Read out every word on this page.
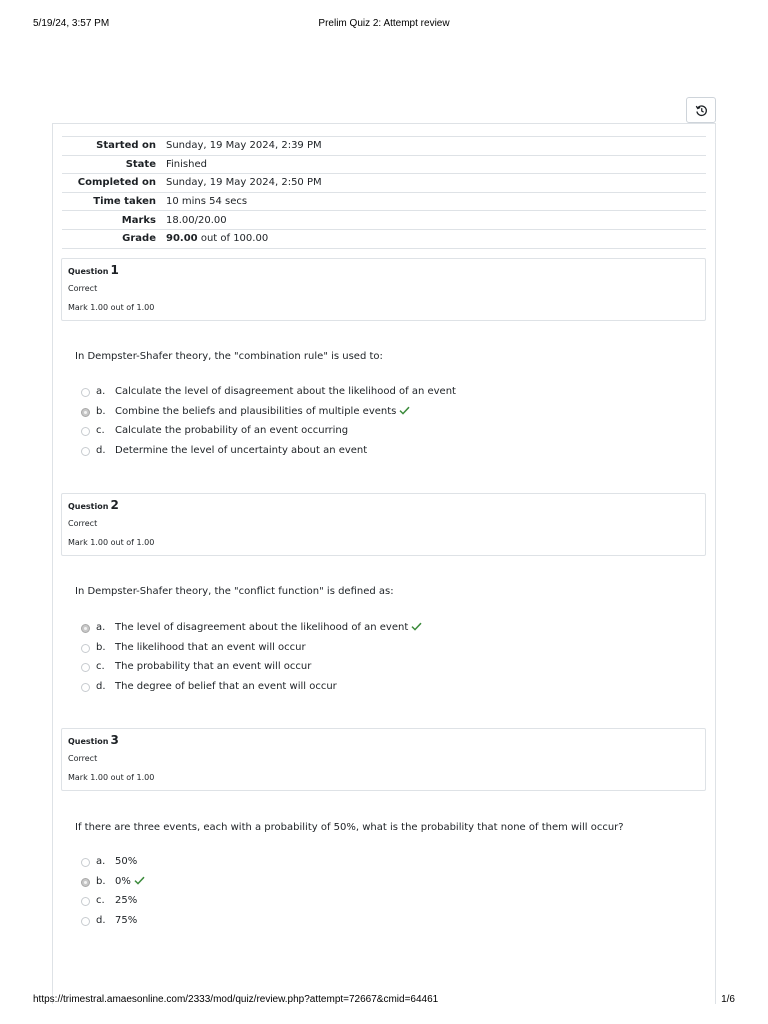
5/19/24, 3:57 PM	Prelim Quiz 2: Attempt review
Started on	Sunday, 19 May 2024, 2:39 PM
State	Finished
Completed on	Sunday, 19 May 2024, 2:50 PM
Time taken	10 mins 54 secs
Marks	18.00/20.00
Grade	90.00 out of 100.00
Question 1
Correct
Mark 1.00 out of 1.00
In Dempster-Shafer theory, the "combination rule" is used to:
a. Calculate the level of disagreement about the likelihood of an event
b. Combine the beliefs and plausibilities of multiple events
c. Calculate the probability of an event occurring
d. Determine the level of uncertainty about an event
Question 2
Correct
Mark 1.00 out of 1.00
In Dempster-Shafer theory, the "conflict function" is defined as:
a. The level of disagreement about the likelihood of an event
b. The likelihood that an event will occur
c. The probability that an event will occur
d. The degree of belief that an event will occur
Question 3
Correct
Mark 1.00 out of 1.00
If there are three events, each with a probability of 50%, what is the probability that none of them will occur?
a. 50%
b. 0%
c. 25%
d. 75%
https://trimestral.amaesonline.com/2333/mod/quiz/review.php?attempt=72667&cmid=64461	1/6
